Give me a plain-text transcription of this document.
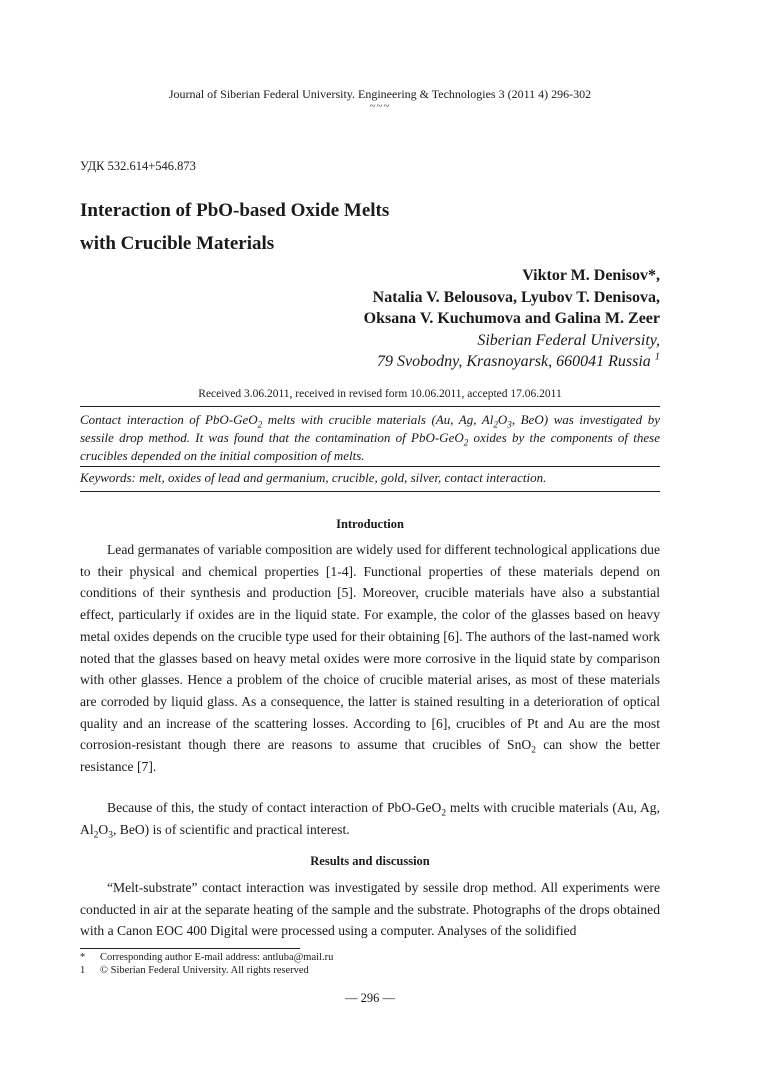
Journal of Siberian Federal University. Engineering & Technologies 3 (2011 4) 296-302
~~~
УДК 532.614+546.873
Interaction of PbO-based Oxide Melts
with Crucible Materials
Viktor M. Denisov*,
Natalia V. Belousova, Lyubov T. Denisova,
Oksana V. Kuchumova and Galina M. Zeer
Siberian Federal University,
79 Svobodny, Krasnoyarsk, 660041 Russia $^1$
Received 3.06.2011, received in revised form 10.06.2011, accepted 17.06.2011
Contact interaction of PbO-GeO$_2$ melts with crucible materials (Au, Ag, $Al_2O_3$, BeO) was investigated by sessile drop method. It was found that the contamination of PbO-GeO$_2$ oxides by the components of these crucibles depended on the initial composition of melts.
Keywords: melt, oxides of lead and germanium, crucible, gold, silver, contact interaction.
Introduction
Lead germanates of variable composition are widely used for different technological applications due to their physical and chemical properties [1-4]. Functional properties of these materials depend on conditions of their synthesis and production [5]. Moreover, crucible materials have also a substantial effect, particularly if oxides are in the liquid state. For example, the color of the glasses based on heavy metal oxides depends on the crucible type used for their obtaining [6]. The authors of the last-named work noted that the glasses based on heavy metal oxides were more corrosive in the liquid state by comparison with other glasses. Hence a problem of the choice of crucible material arises, as most of these materials are corroded by liquid glass. As a consequence, the latter is stained resulting in a deterioration of optical quality and an increase of the scattering losses. According to [6], crucibles of Pt and Au are the most corrosion-resistant though there are reasons to assume that crucibles of SnO$_2$ can show the better resistance [7].
Because of this, the study of contact interaction of PbO-GeO$_2$ melts with crucible materials (Au, Ag, $Al_2O_3$, BeO) is of scientific and practical interest.
Results and discussion
“Melt-substrate” contact interaction was investigated by sessile drop method. All experiments were conducted in air at the separate heating of the sample and the substrate. Photographs of the drops obtained with a Canon EOC 400 Digital were processed using a computer. Analyses of the solidified
* Corresponding author E-mail address: antluba@mail.ru
1 © Siberian Federal University. All rights reserved
— 296 —
